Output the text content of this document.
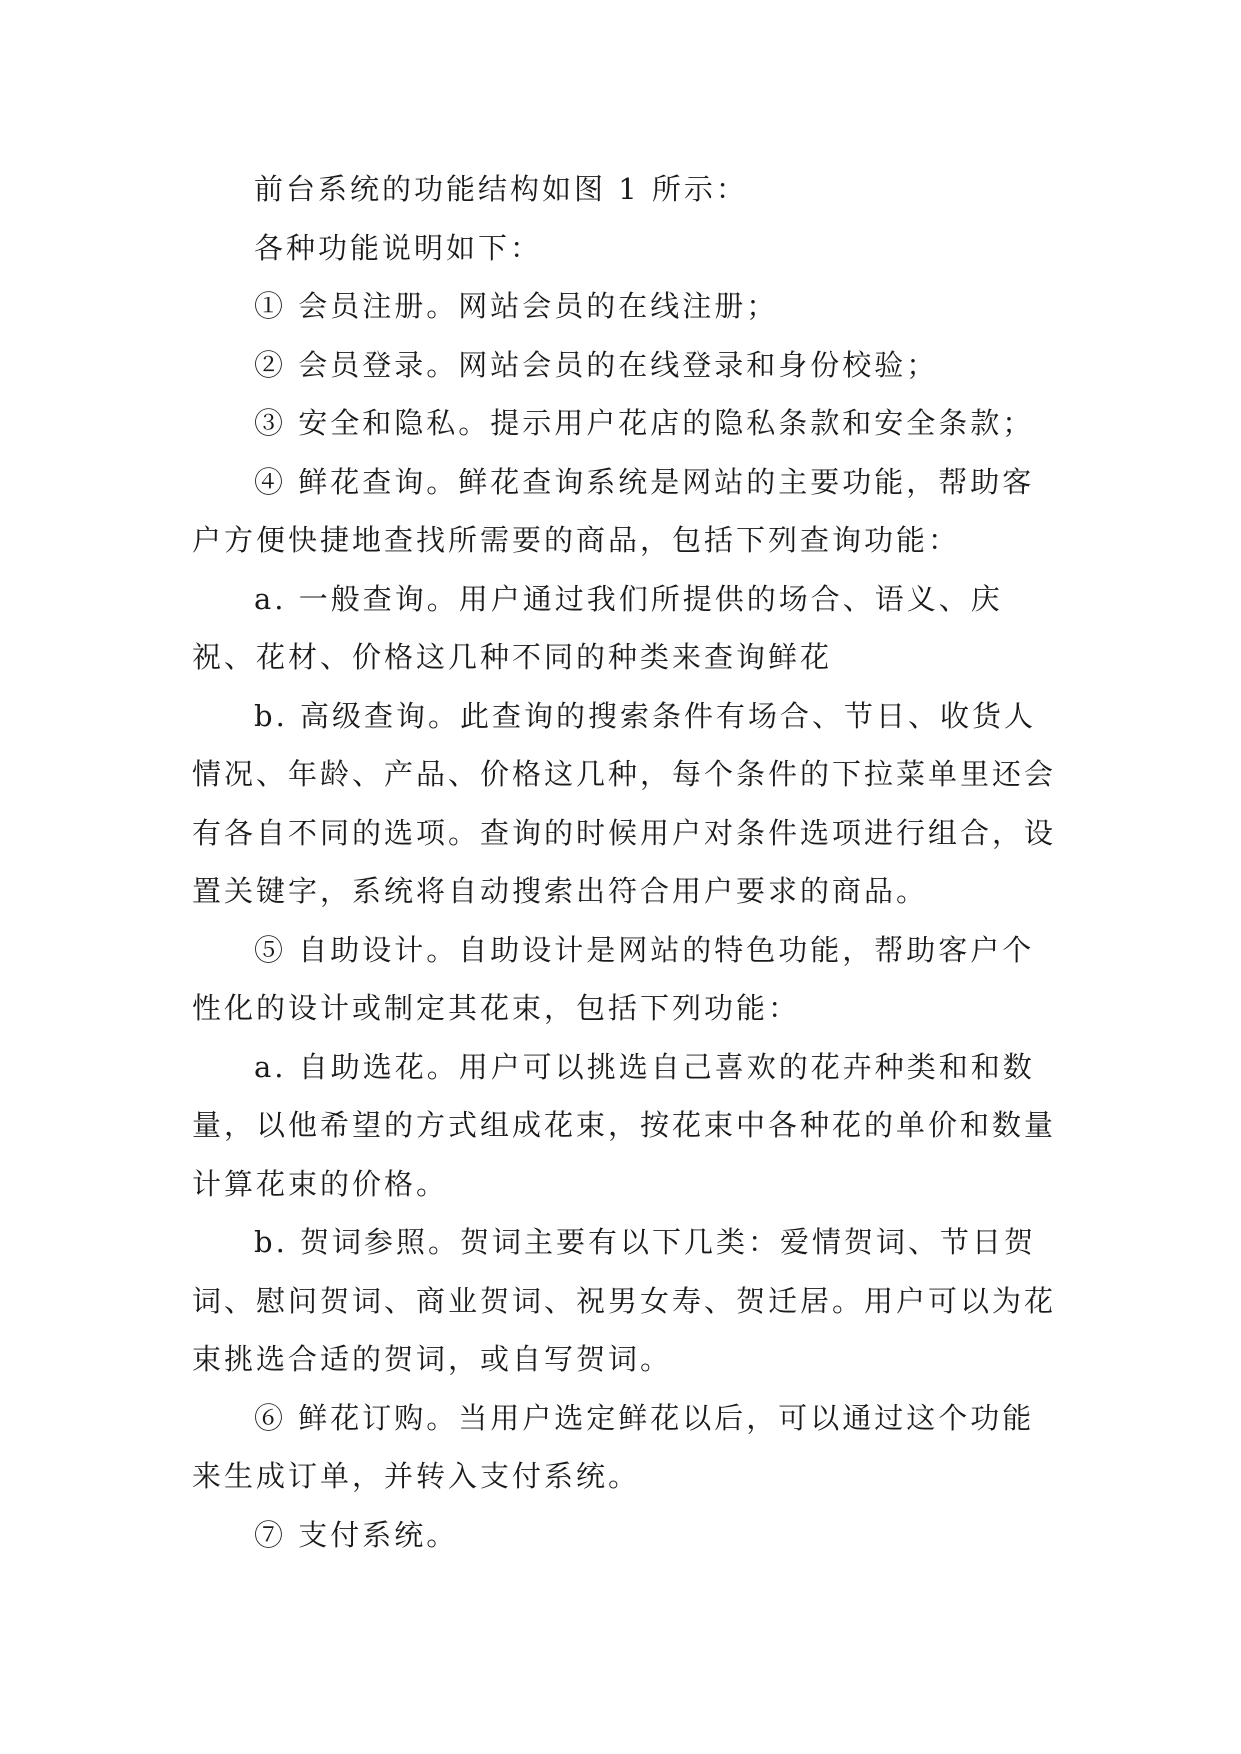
前台系统的功能结构如图 1 所示：

各种功能说明如下：

① 会员注册。网站会员的在线注册；

② 会员登录。网站会员的在线登录和身份校验；

③ 安全和隐私。提示用户花店的隐私条款和安全条款；

④ 鲜花查询。鲜花查询系统是网站的主要功能，帮助客户方便快捷地查找所需要的商品，包括下列查询功能：

a. 一般查询。用户通过我们所提供的场合、语义、庆祝、花材、价格这几种不同的种类来查询鲜花

b. 高级查询。此查询的搜索条件有场合、节日、收货人情况、年龄、产品、价格这几种，每个条件的下拉菜单里还会有各自不同的选项。查询的时候用户对条件选项进行组合，设置关键字，系统将自动搜索出符合用户要求的商品。

⑤ 自助设计。自助设计是网站的特色功能，帮助客户个性化的设计或制定其花束，包括下列功能：

a. 自助选花。用户可以挑选自己喜欢的花卉种类和和数量，以他希望的方式组成花束，按花束中各种花的单价和数量计算花束的价格。

b. 贺词参照。贺词主要有以下几类：爱情贺词、节日贺词、慰问贺词、商业贺词、祝男女寿、贺迁居。用户可以为花束挑选合适的贺词，或自写贺词。

⑥ 鲜花订购。当用户选定鲜花以后，可以通过这个功能来生成订单，并转入支付系统。

⑦ 支付系统。
